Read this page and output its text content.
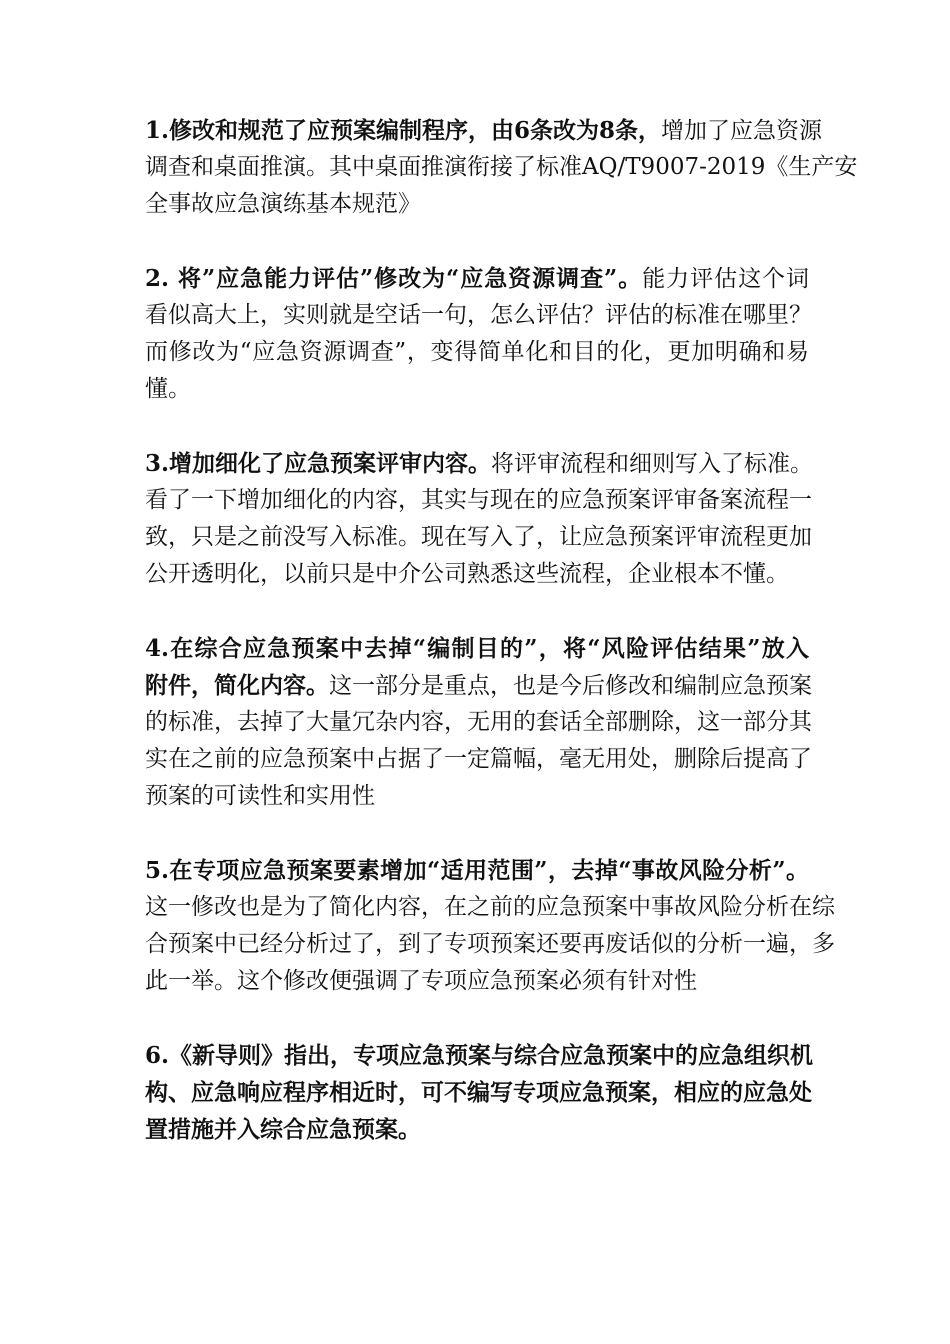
1.修改和规范了应预案编制程序，由6条改为8条，增加了应急资源
调查和桌面推演。其中桌面推演衔接了标准AQ/T9007-2019《生产安
全事故应急演练基本规范》
2. 将”应急能力评估”修改为“应急资源调查”。能力评估这个词
看似高大上，实则就是空话一句，怎么评估？评估的标准在哪里？
而修改为“应急资源调查”，变得简单化和目的化，更加明确和易
懂。
3.增加细化了应急预案评审内容。将评审流程和细则写入了标准。
看了一下增加细化的内容，其实与现在的应急预案评审备案流程一
致，只是之前没写入标准。现在写入了，让应急预案评审流程更加
公开透明化，以前只是中介公司熟悉这些流程，企业根本不懂。
4.在综合应急预案中去掉“编制目的”，将“风险评估结果”放入
附件，简化内容。这一部分是重点，也是今后修改和编制应急预案
的标准，去掉了大量冗杂内容，无用的套话全部删除，这一部分其
实在之前的应急预案中占据了一定篇幅，毫无用处，删除后提高了
预案的可读性和实用性
5.在专项应急预案要素增加“适用范围”，去掉“事故风险分析”。
这一修改也是为了简化内容，在之前的应急预案中事故风险分析在综
合预案中已经分析过了，到了专项预案还要再废话似的分析一遍，多
此一举。这个修改便强调了专项应急预案必须有针对性
6.《新导则》指出，专项应急预案与综合应急预案中的应急组织机
构、应急响应程序相近时，可不编写专项应急预案，相应的应急处
置措施并入综合应急预案。
